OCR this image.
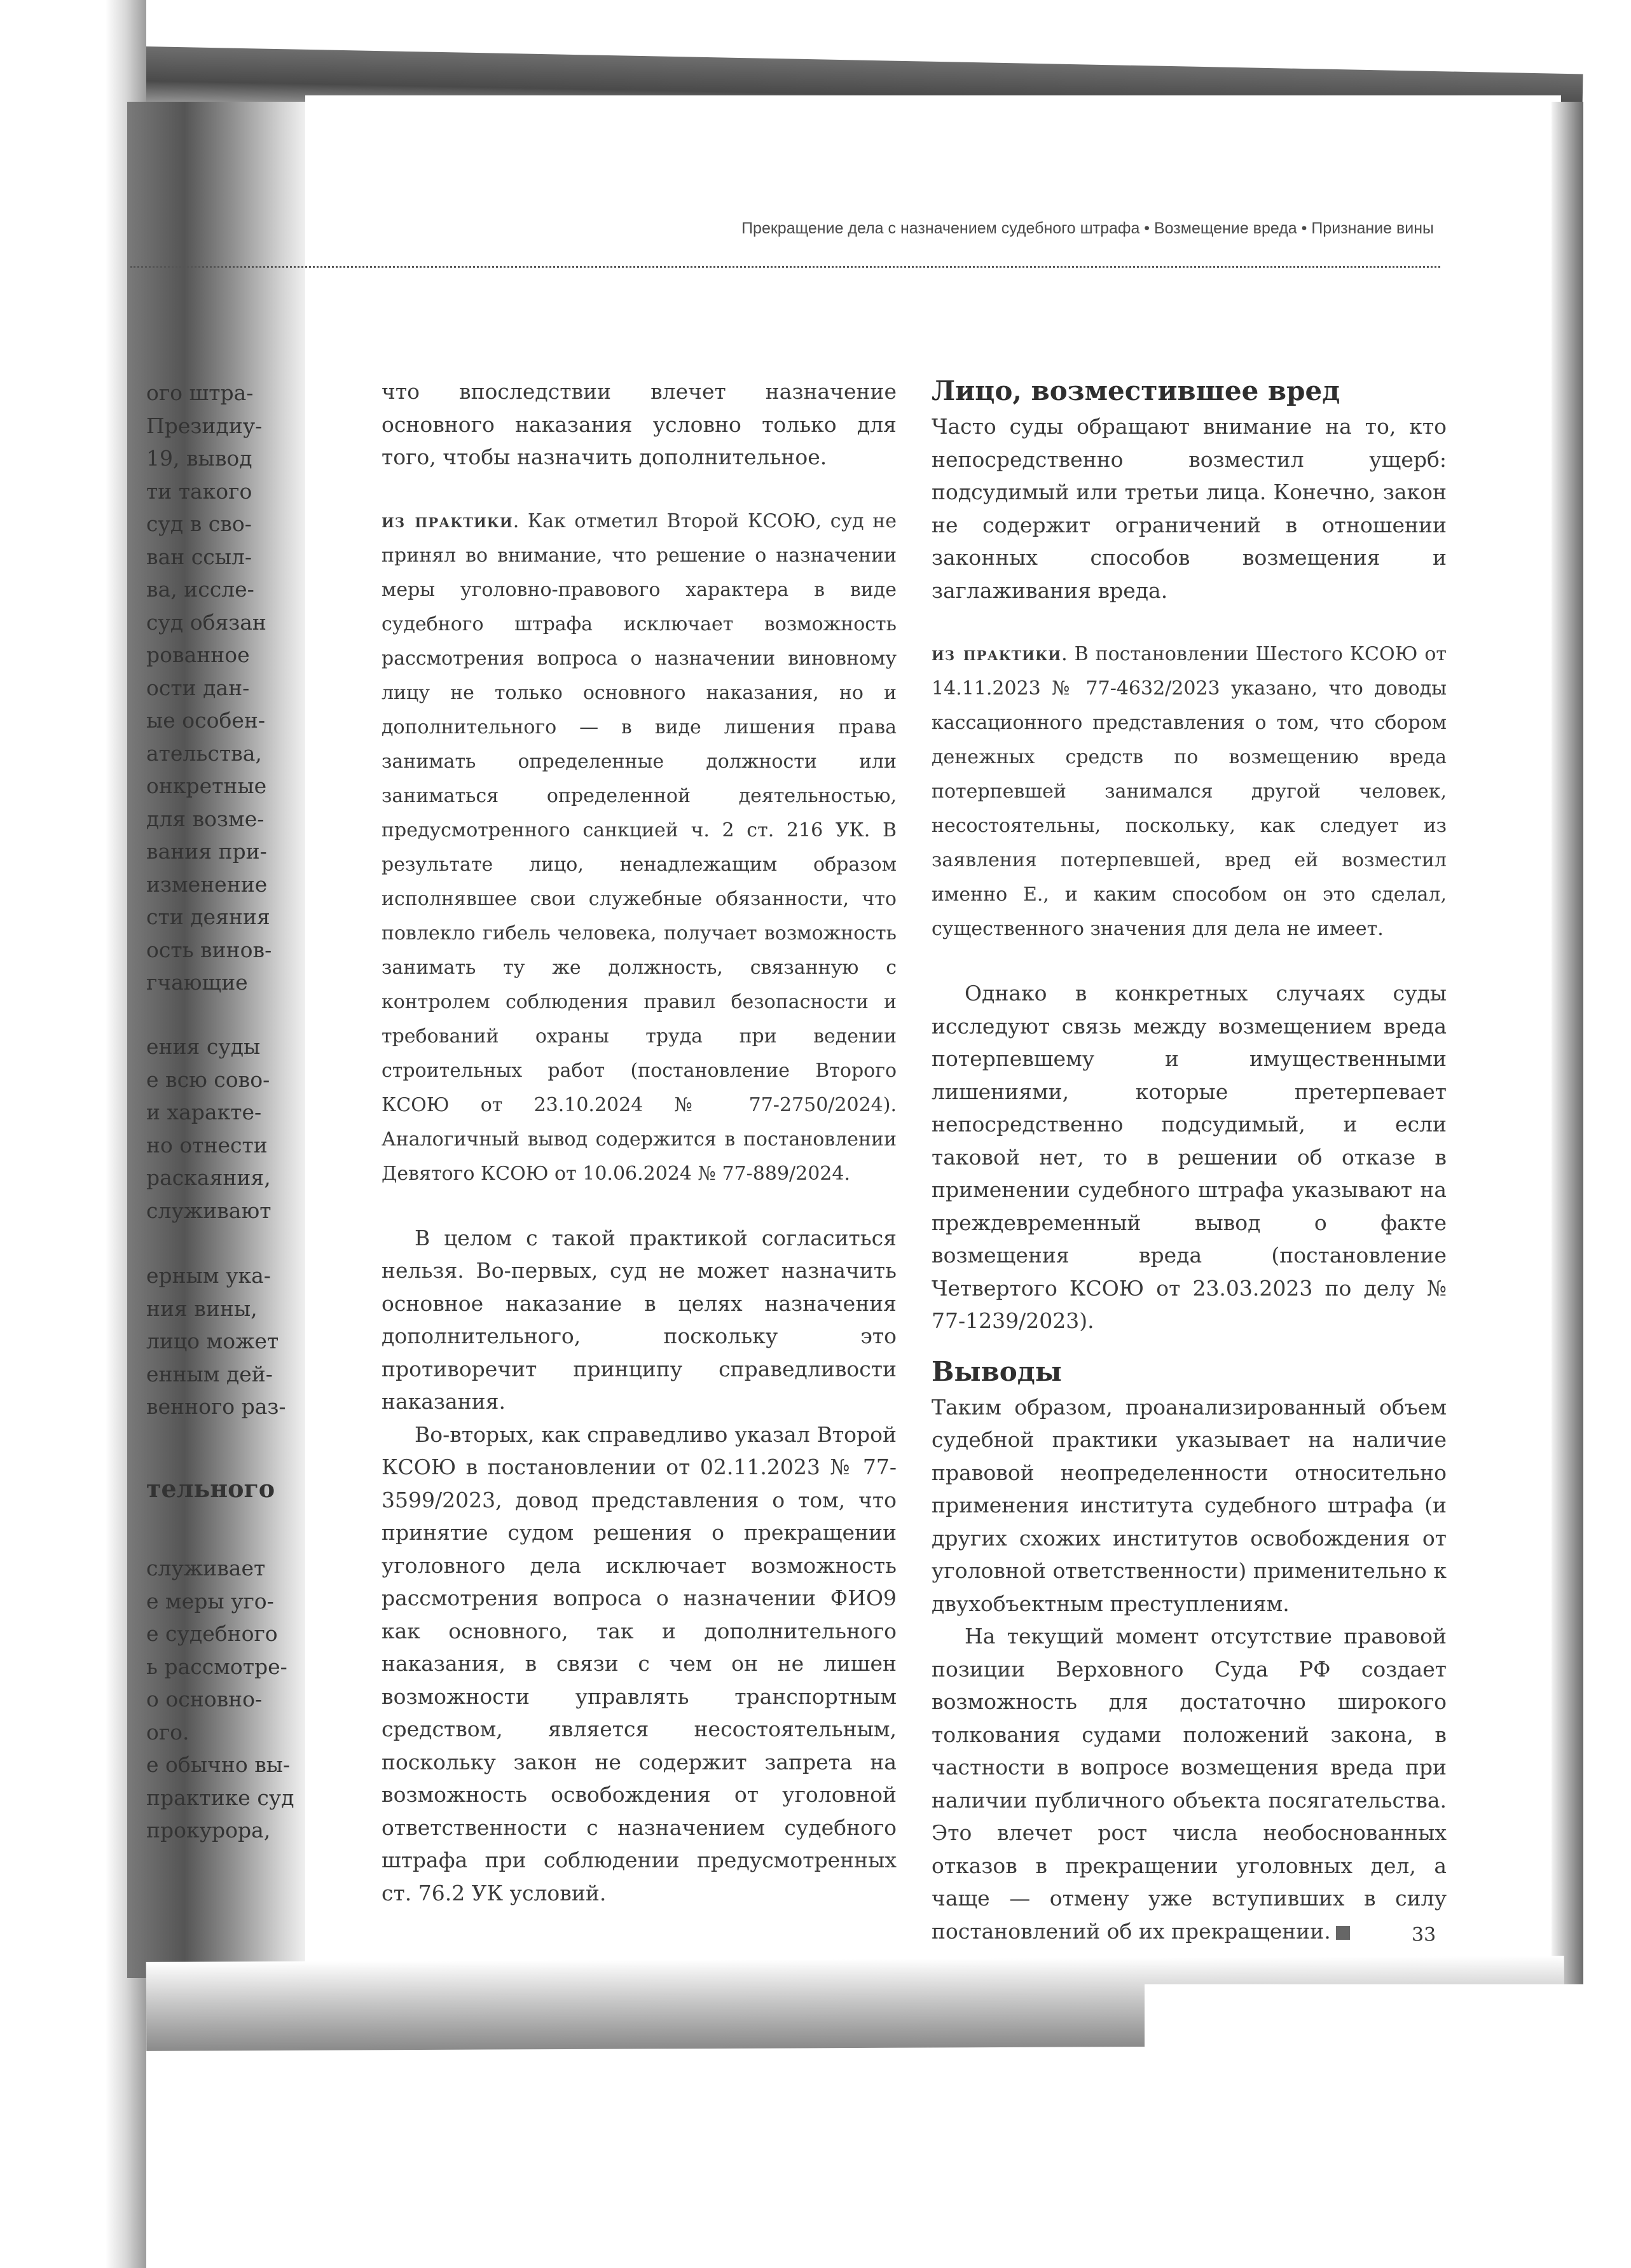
ого штра-
Президиу-
19, вывод
ти такого
суд в сво-
ван ссыл-
ва, иссле-
суд обязан
рованное
ости дан-
ые особен-
ательства,
онкретные
для возме-
вания при-
изменение
сти деяния
ость винов-
гчающие
ения суды
е всю сово-
и характе-
но отнести
раскаяния,
служивают
ерным ука-
ния вины,
лицо может
енным дей-
венного раз-
тельного
служивает
е меры уго-
е судебного
ь рассмотре-
о основно-
ого.
е обычно вы-
практике суд
прокурора,
Прекращение дела с назначением судебного штрафа • Возмещение вреда • Признание вины

что впоследствии влечет назначение основного наказания условно только для того, чтобы назначить дополнительное.

из практики. Как отметил Второй КСОЮ, суд не принял во внимание, что решение о назначении меры уголовно-правового характера в виде судебного штрафа исключает возможность рассмотрения вопроса о назначении виновному лицу не только основного наказания, но и дополнительного — в виде лишения права занимать определенные должности или заниматься определенной деятельностью, предусмотренного санкцией ч. 2 ст. 216 УК. В результате лицо, ненадлежащим образом исполнявшее свои служебные обязанности, что повлекло гибель человека, получает возможность занимать ту же должность, связанную с контролем соблюдения правил безопасности и требований охраны труда при ведении строительных работ (постановление Второго КСОЮ от 23.10.2024 № 77-2750/2024). Аналогичный вывод содержится в постановлении Девятого КСОЮ от 10.06.2024 № 77-889/2024.

В целом с такой практикой согласиться нельзя. Во-первых, суд не может назначить основное наказание в целях назначения дополнительного, поскольку это противоречит принципу справедливости наказания.

Во-вторых, как справедливо указал Второй КСОЮ в постановлении от 02.11.2023 № 77-3599/2023, довод представления о том, что принятие судом решения о прекращении уголовного дела исключает возможность рассмотрения вопроса о назначении ФИО9 как основного, так и дополнительного наказания, в связи с чем он не лишен возможности управлять транспортным средством, является несостоятельным, поскольку закон не содержит запрета на возможность освобождения от уголовной ответственности с назначением судебного штрафа при соблюдении предусмотренных ст. 76.2 УК условий.

Лицо, возместившее вред

Часто суды обращают внимание на то, кто непосредственно возместил ущерб: подсудимый или третьи лица. Конечно, закон не содержит ограничений в отношении законных способов возмещения и заглаживания вреда.

из практики. В постановлении Шестого КСОЮ от 14.11.2023 № 77-4632/2023 указано, что доводы кассационного представления о том, что сбором денежных средств по возмещению вреда потерпевшей занимался другой человек, несостоятельны, поскольку, как следует из заявления потерпевшей, вред ей возместил именно Е., и каким способом он это сделал, существенного значения для дела не имеет.

Однако в конкретных случаях суды исследуют связь между возмещением вреда потерпевшему и имущественными лишениями, которые претерпевает непосредственно подсудимый, и если таковой нет, то в решении об отказе в применении судебного штрафа указывают на преждевременный вывод о факте возмещения вреда (постановление Четвертого КСОЮ от 23.03.2023 по делу № 77-1239/2023).

Выводы

Таким образом, проанализированный объем судебной практики указывает на наличие правовой неопределенности относительно применения института судебного штрафа (и других схожих институтов освобождения от уголовной ответственности) применительно к двухобъектным преступлениям.

На текущий момент отсутствие правовой позиции Верховного Суда РФ создает возможность для достаточно широкого толкования судами положений закона, в частности в вопросе возмещения вреда при наличии публичного объекта посягательства. Это влечет рост числа необоснованных отказов в прекращении уголовных дел, а чаще — отмену уже вступивших в силу постановлений об их прекращении.	33
